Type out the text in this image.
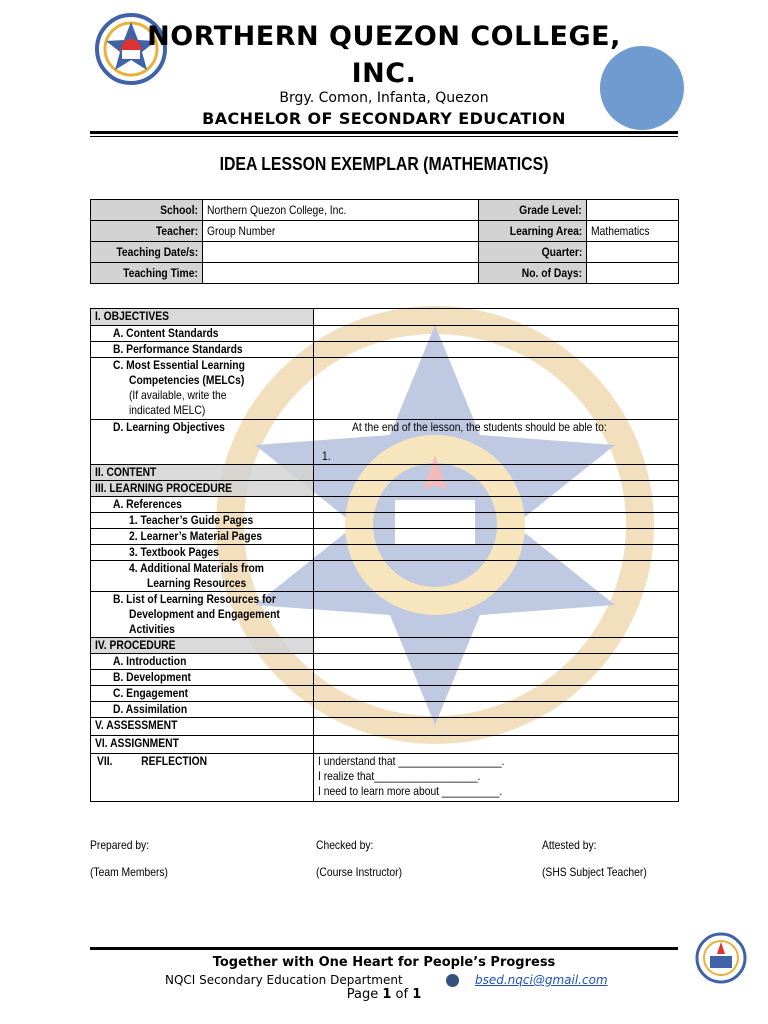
NORTHERN QUEZON COLLEGE, INC.
Brgy. Comon, Infanta, Quezon
BACHELOR OF SECONDARY EDUCATION
IDEA LESSON EXEMPLAR (MATHEMATICS)
School:	Northern Quezon College, Inc.	Grade Level:	
Teacher:	Group Number	Learning Area:	Mathematics
Teaching Date/s:		Quarter:	
Teaching Time:		No. of Days:	
I. OBJECTIVES	
A. Content Standards	
B. Performance Standards	

C. Most Essential Learning
Competencies (MELCs)
(If available, write the
indicated MELC)	

D. Learning Objectives	At the end of the lesson, the students should be able to:
1.

II. CONTENT	
III. LEARNING PROCEDURE	
A. References	
1. Teacher’s Guide Pages	
2. Learner’s Material Pages	
3. Textbook Pages	

4. Additional Materials from
Learning Resources	

B. List of Learning Resources for
Development and Engagement
Activities	

IV. PROCEDURE	
A. Introduction	
B. Development	
C. Engagement	
D. Assimilation	
V. ASSESSMENT	
VI. ASSIGNMENT	
VII.          REFLECTION	I understand that __________________.
I realize that__________________.
I need to learn more about __________.
Prepared by:
(Team Members)
Checked by:
(Course Instructor)
Attested by:
(SHS Subject Teacher)
Together with One Heart for People’s Progress
NQCI Secondary Education Department	bsed.nqci@gmail.com
Page 1 of 1
